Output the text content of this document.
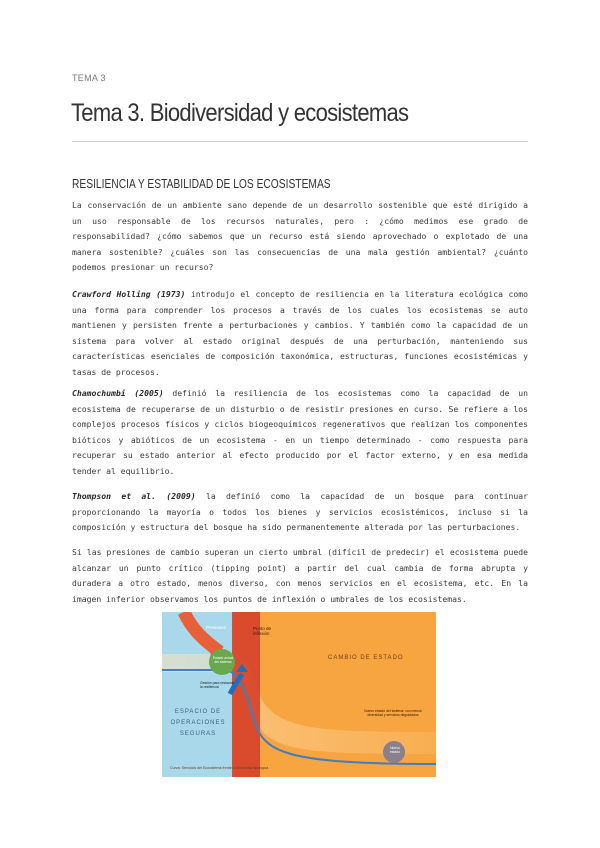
TEMA 3
Tema 3. Biodiversidad y ecosistemas
RESILIENCIA Y ESTABILIDAD DE LOS ECOSISTEMAS

La conservación de un ambiente sano depende de un desarrollo sostenible que esté dirigido a un uso responsable de los recursos naturales, pero : ¿cómo medimos ese grado de responsabilidad? ¿cómo sabemos que un recurso está siendo aprovechado o explotado de una manera sostenible? ¿cuáles son las consecuencias de una mala gestión ambiental? ¿cuánto podemos presionar un recurso?

Crawford Holling (1973) introdujo el concepto de resiliencia en la literatura ecológica como una forma para comprender los procesos a través de los cuales los ecosistemas se auto mantienen y persisten frente a perturbaciones y cambios. Y también como la capacidad de un sistema para volver al estado original después de una perturbación, manteniendo sus características esenciales de composición taxonómica, estructuras, funciones ecosistémicas y tasas de procesos.

Chamochumbi (2005) definió la resiliencia de los ecosistemas como la capacidad de un ecosistema de recuperarse de un disturbio o de resistir presiones en curso. Se refiere a los complejos procesos físicos y ciclos biogeoquímicos regenerativos que realizan los componentes bióticos y abióticos de un ecosistema - en un tiempo determinado - como respuesta para recuperar su estado anterior al efecto producido por el factor externo, y en esa medida tender al equilibrio.

Thompson et al. (2009) la definió como la capacidad de un bosque para continuar proporcionando la mayoría o todos los bienes y servicios ecosistémicos, incluso si la composición y estructura del bosque ha sido permanentemente alterada por las perturbaciones.

Si las presiones de cambio superan un cierto umbral (difícil de predecir) el ecosistema puede alcanzar un punto crítico (tipping point) a partir del cual cambia de forma abrupta y duradera a otro estado, menos diverso, con menos servicios en el ecosistema, etc. En la imagen inferior observamos los puntos de inflexión o umbrales de los ecosistemas.

Presiones	Punto de inflexión
CAMBIO DE ESTADO
Estado actual del sistema
Gestión para restaurar la resiliencia
ESPACIO DE OPERACIONES SEGURAS
Nuevo estado del sistema: con menos diversidad y servicios degradados
Nuevo estado
Curva: Servicios del Ecosistema frente a Diversidad Biológica
